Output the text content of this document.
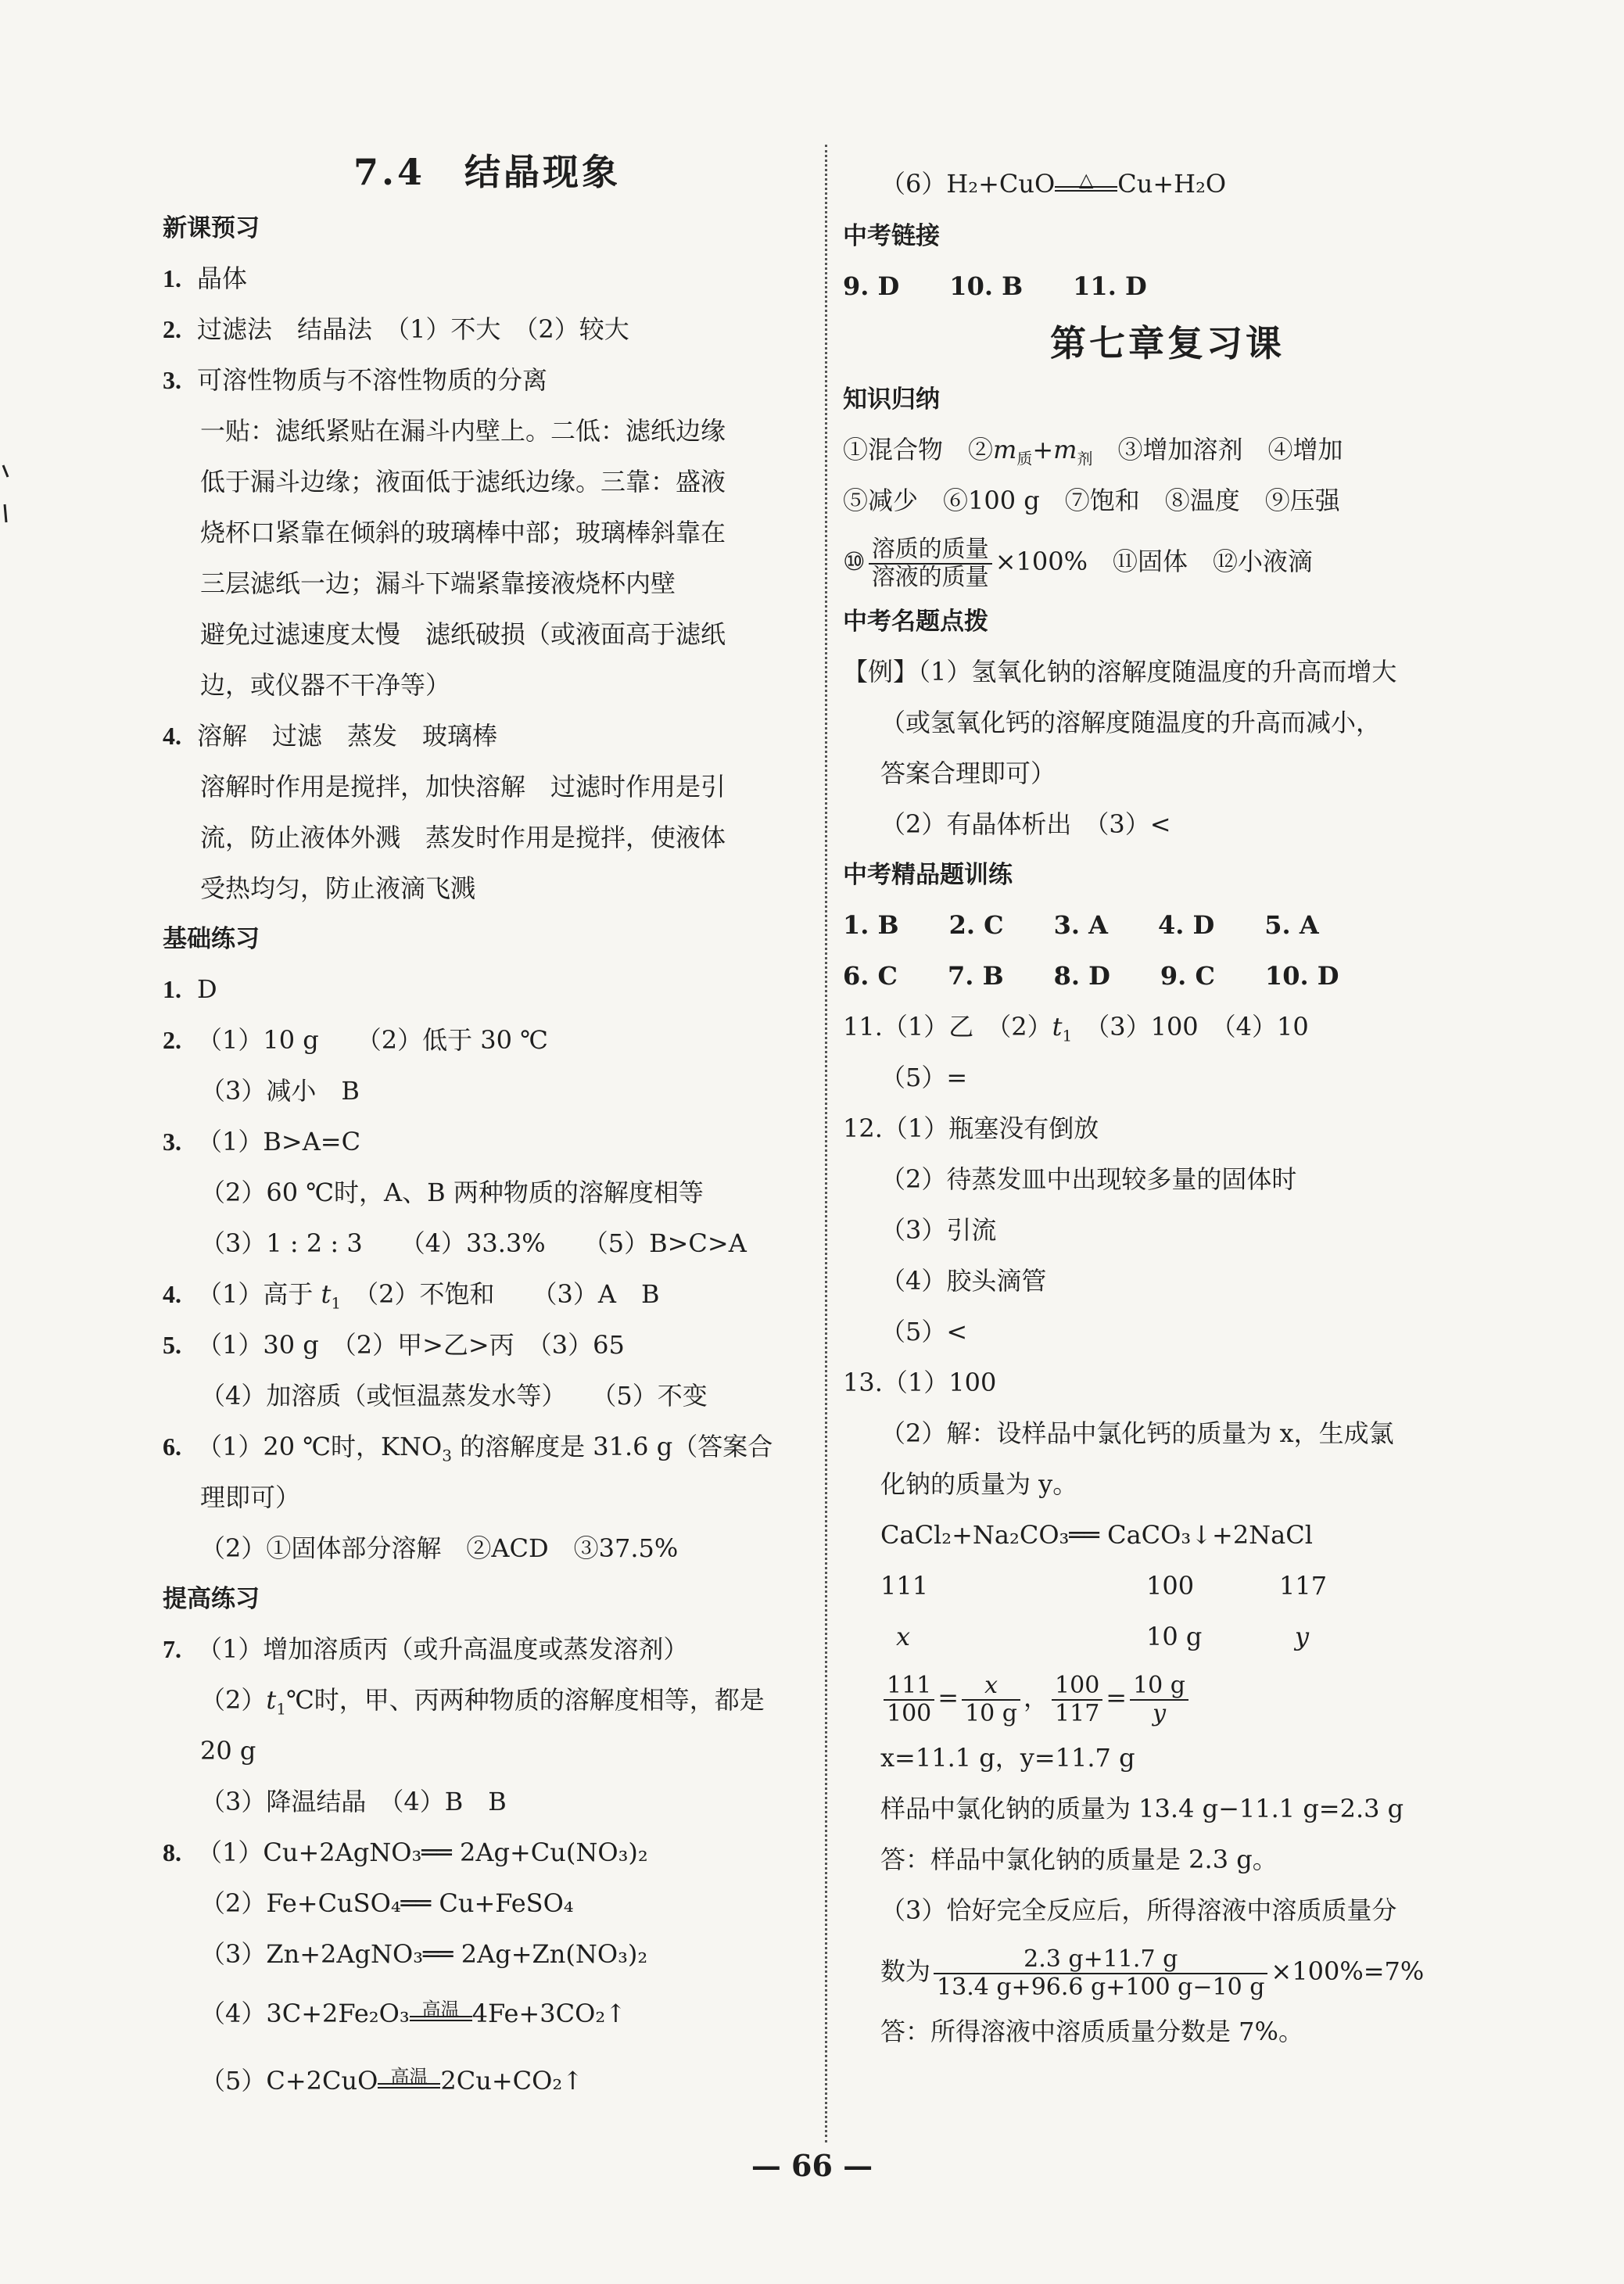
7.4　结晶现象
新课预习
1. 晶体
2. 过滤法　结晶法　（1）不大　（2）较大
3. 可溶性物质与不溶性物质的分离
一贴：滤纸紧贴在漏斗内壁上。二低：滤纸边缘
低于漏斗边缘；液面低于滤纸边缘。三靠：盛液
烧杯口紧靠在倾斜的玻璃棒中部；玻璃棒斜靠在
三层滤纸一边；漏斗下端紧靠接液烧杯内壁
避免过滤速度太慢　滤纸破损（或液面高于滤纸
边，或仪器不干净等）
4. 溶解　过滤　蒸发　玻璃棒
溶解时作用是搅拌，加快溶解　过滤时作用是引
流，防止液体外溅　蒸发时作用是搅拌，使液体
受热均匀，防止液滴飞溅
基础练习
1. D
2. （1）10 g　　（2）低于 30 ℃
（3）减小　B
3. （1）B>A=C
（2）60 ℃时，A、B 两种物质的溶解度相等
（3）1 : 2 : 3　　（4）33.3%　　（5）B>C>A
4. （1）高于 $t_1$　（2）不饱和　　（3）A　B
5. （1）30 g　（2）甲>乙>丙　（3）65
（4）加溶质（或恒温蒸发水等）　　（5）不变
6. （1）20 ℃时，$KNO_3$ 的溶解度是 31.6 g（答案合
理即可）
（2）①固体部分溶解　②ACD　③37.5%
提高练习
7. （1）增加溶质丙（或升高温度或蒸发溶剂）
$(2)t_1℃$时，甲、丙两种物质的溶解度相等，都是
20 g
（3）降温结晶　（4）B　B
8. （1）Cu+2AgNO₃══ 2Ag+Cu(NO₃)₂
（2）Fe+CuSO₄══ Cu+FeSO₄
（3）Zn+2AgNO₃══ 2Ag+Zn(NO₃)₂
（4）3C+2Fe₂O₃ 高温 4Fe+3CO₂↑
（5）C+2CuO 高温 2Cu+CO₂↑
（6）H₂+CuO	△ Cu+H₂O
中考链接
9. D　　10. B　　11. D
第七章复习课
知识归纳
①混合物　$②m_质+m_剂$　③增加溶剂　④增加
⑤减少　⑥100 g　⑦饱和　⑧温度　⑨压强
⑩ $\frac{\text{溶质的质量}}{\text{溶液的质量}} \times 100\%$　⑪固体　⑫小液滴
中考名题点拨
【例】（1）氢氧化钠的溶解度随温度的升高而增大
（或氢氧化钙的溶解度随温度的升高而减小，
答案合理即可）
（2）有晶体析出　（3）<
中考精品题训练
1. B　　2. C　　3. A　　4. D　　5. A
6. C　　7. B　　8. D　　9. C　　10. D
11.（1）乙　$(2)t_1$　（3）100　（4）10
（5）=
12.（1）瓶塞没有倒放
（2）待蒸发皿中出现较多量的固体时
（3）引流
（4）胶头滴管
（5）<
13.（1）100
（2）解：设样品中氯化钙的质量为 x，生成氯
化钠的质量为 y。
CaCl₂+Na₂CO₃══ CaCO₃↓+2NaCl
111	100	117
x	10 g	y
$\frac{111}{100} = \frac{x}{10 g}$ ， $\frac{100}{117} = \frac{10 g}{y}$
x=11.1 g，y=11.7 g
样品中氯化钠的质量为 13.4 g−11.1 g=2.3 g
答：样品中氯化钠的质量是 2.3 g。
（3）恰好完全反应后，所得溶液中溶质质量分
数为 $\frac{2.3 g+11.7 g}{13.4 g+96.6 g+100 g-10 g} \times 100\%=7\%$
答：所得溶液中溶质质量分数是 7%。
— 66 —
